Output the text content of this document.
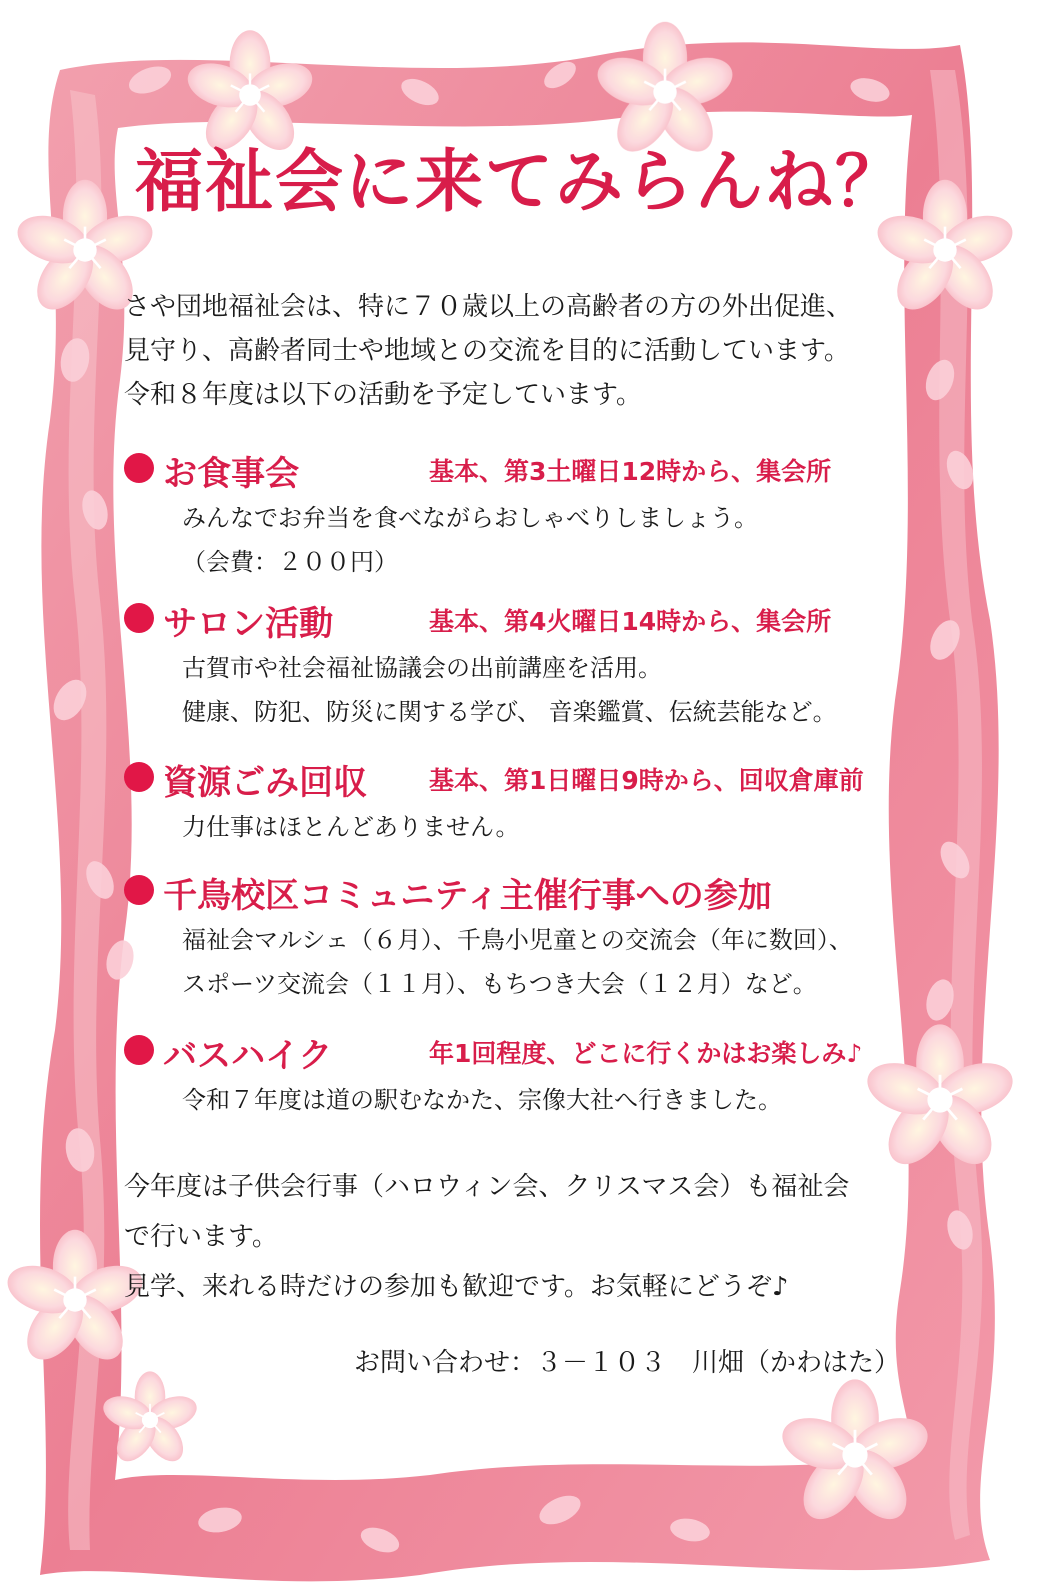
福祉会に来てみらんね？
さや団地福祉会は、特に７０歳以上の高齢者の方の外出促進、
見守り、高齢者同士や地域との交流を目的に活動しています。
令和８年度は以下の活動を予定しています。
お食事会	基本、第3土曜日12時から、集会所
みんなでお弁当を食べながらおしゃべりしましょう。
（会費：２００円）
サロン活動	基本、第4火曜日14時から、集会所
古賀市や社会福祉協議会の出前講座を活用。
健康、防犯、防災に関する学び、 音楽鑑賞、伝統芸能など。
資源ごみ回収 基本、第1日曜日9時から、回収倉庫前
力仕事はほとんどありません。
千鳥校区コミュニティ主催行事への参加
福祉会マルシェ（６月）、千鳥小児童との交流会（年に数回）、
スポーツ交流会（１１月）、もちつき大会（１２月）など。
バスハイク	年1回程度、どこに行くかはお楽しみ♪
令和７年度は道の駅むなかた、宗像大社へ行きました。
今年度は子供会行事（ハロウィン会、クリスマス会）も福祉会
で行います。
見学、来れる時だけの参加も歓迎です。お気軽にどうぞ♪
お問い合わせ：３－１０３　川畑（かわはた）
